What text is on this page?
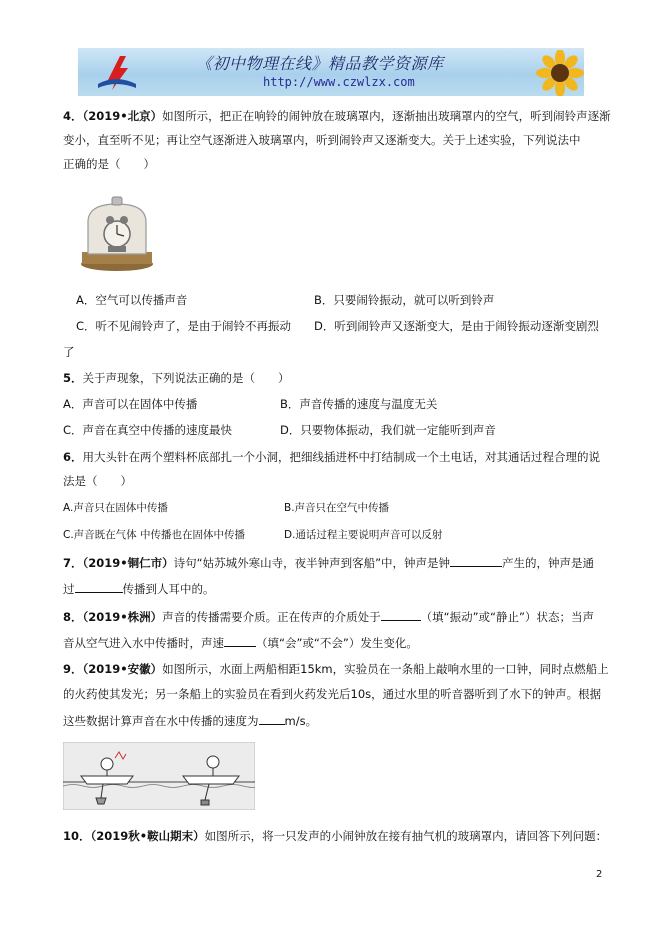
《初中物理在线》精品教学资源库
http://www.czwlzx.com
4．（2019•北京）如图所示，把正在响铃的闹钟放在玻璃罩内，逐渐抽出玻璃罩内的空气，听到闹铃声逐渐
变小，直至听不见；再让空气逐渐进入玻璃罩内，听到闹铃声又逐渐变大。关于上述实验，下列说法中
正确的是（　　）
A．空气可以传播声音	B．只要闹铃振动，就可以听到铃声
C．听不见闹铃声了，是由于闹铃不再振动 D．听到闹铃声又逐渐变大，是由于闹铃振动逐渐变剧烈
了
5．关于声现象，下列说法正确的是（　　）
A．声音可以在固体中传播	B．声音传播的速度与温度无关
C．声音在真空中传播的速度最快	D．只要物体振动，我们就一定能听到声音
6．用大头针在两个塑料杯底部扎一个小洞，把细线插进杯中打结制成一个土电话，对其通话过程合理的说
法是（　　）
A.声音只在固体中传播	B.声音只在空气中传播
C.声音既在气体 中传播也在固体中传播	D.通话过程主要说明声音可以反射
7．（2019•铜仁市）诗句“姑苏城外寒山寺，夜半钟声到客船”中，钟声是钟	产生的，钟声是通
过	传播到人耳中的。
8．（2019•株洲）声音的传播需要介质。正在传声的介质处于	（填“振动”或“静止”）状态；当声
音从空气进入水中传播时，声速	（填“会”或“不会”）发生变化。
9．（2019•安徽）如图所示，水面上两船相距15km，实验员在一条船上敲响水里的一口钟，同时点燃船上
的火药使其发光；另一条船上的实验员在看到火药发光后10s，通过水里的听音器听到了水下的钟声。根据
这些数据计算声音在水中传播的速度为 m/s。
10．（2019秋•鞍山期末）如图所示，将一只发声的小闹钟放在接有抽气机的玻璃罩内，请回答下列问题：
2
